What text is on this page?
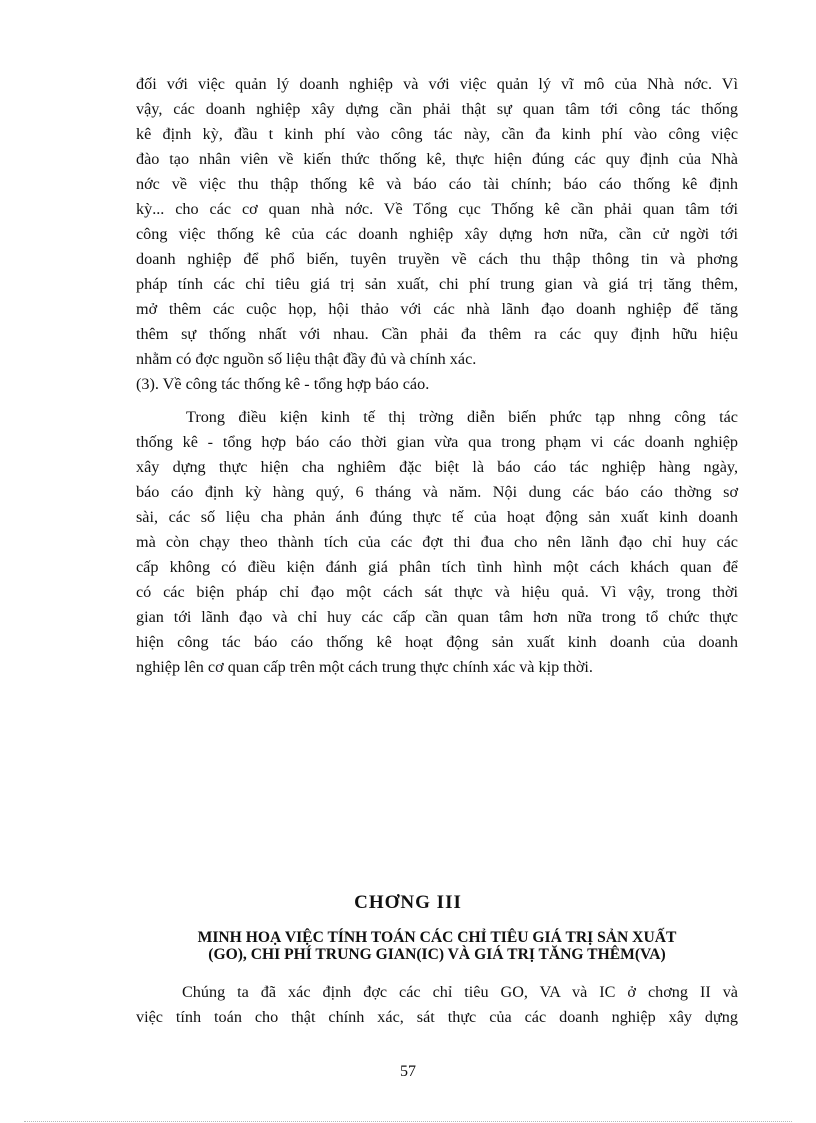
đối với việc quản lý doanh nghiệp và với việc quản lý vĩ mô của Nhà nớc. Vì
vậy, các doanh nghiệp xây dựng cần phải thật sự quan tâm tới công tác thống
kê định kỳ, đầu t kinh phí vào công tác này, cần đa kinh phí vào công việc
đào tạo nhân viên về kiến thức thống kê, thực hiện đúng các quy định của Nhà
nớc về việc thu thập thống kê và báo cáo tài chính; báo cáo thống kê định
kỳ... cho các cơ quan nhà nớc. Về Tổng cục Thống kê cần phải quan tâm tới
công việc thống kê của các doanh nghiệp xây dựng hơn nữa, cần cử ngời tới
doanh nghiệp để phổ biến, tuyên truyền về cách thu thập thông tin và phơng
pháp tính các chỉ tiêu giá trị sản xuất, chi phí trung gian và giá trị tăng thêm,
mở thêm các cuộc họp, hội thảo với các nhà lãnh đạo doanh nghiệp để tăng
thêm sự thống nhất với nhau. Cần phải đa thêm ra các quy định hữu hiệu
nhằm có đợc nguồn số liệu thật đầy đủ và chính xác.
(3). Về công tác thống kê - tổng hợp báo cáo.
Trong điều kiện kinh tế thị trờng diễn biến phức tạp nhng công tác
thống kê - tổng hợp báo cáo thời gian vừa qua trong phạm vi các doanh nghiệp
xây dựng thực hiện cha nghiêm đặc biệt là báo cáo tác nghiệp hàng ngày,
báo cáo định kỳ hàng quý, 6 tháng và năm. Nội dung các báo cáo thờng sơ
sài, các số liệu cha phản ánh đúng thực tế của hoạt động sản xuất kinh doanh
mà còn chạy theo thành tích của các đợt thi đua cho nên lãnh đạo chỉ huy các
cấp không có điều kiện đánh giá phân tích tình hình một cách khách quan để
có các biện pháp chỉ đạo một cách sát thực và hiệu quả. Vì vậy, trong thời
gian tới lãnh đạo và chỉ huy các cấp cần quan tâm hơn nữa trong tổ chức thực
hiện công tác báo cáo thống kê hoạt động sản xuất kinh doanh của doanh
nghiệp lên cơ quan cấp trên một cách trung thực chính xác và kịp thời.
CHƠNG III
MINH HOẠ VIỆC TÍNH TOÁN CÁC CHỈ TIÊU GIÁ TRỊ SẢN XUẤT
(GO), CHI PHÍ TRUNG GIAN(IC) VÀ GIÁ TRỊ TĂNG THÊM(VA)
Chúng ta đã xác định đợc các chỉ tiêu GO, VA và IC ở chơng II và
việc tính toán cho thật chính xác, sát thực của các doanh nghiệp xây dựng
57
